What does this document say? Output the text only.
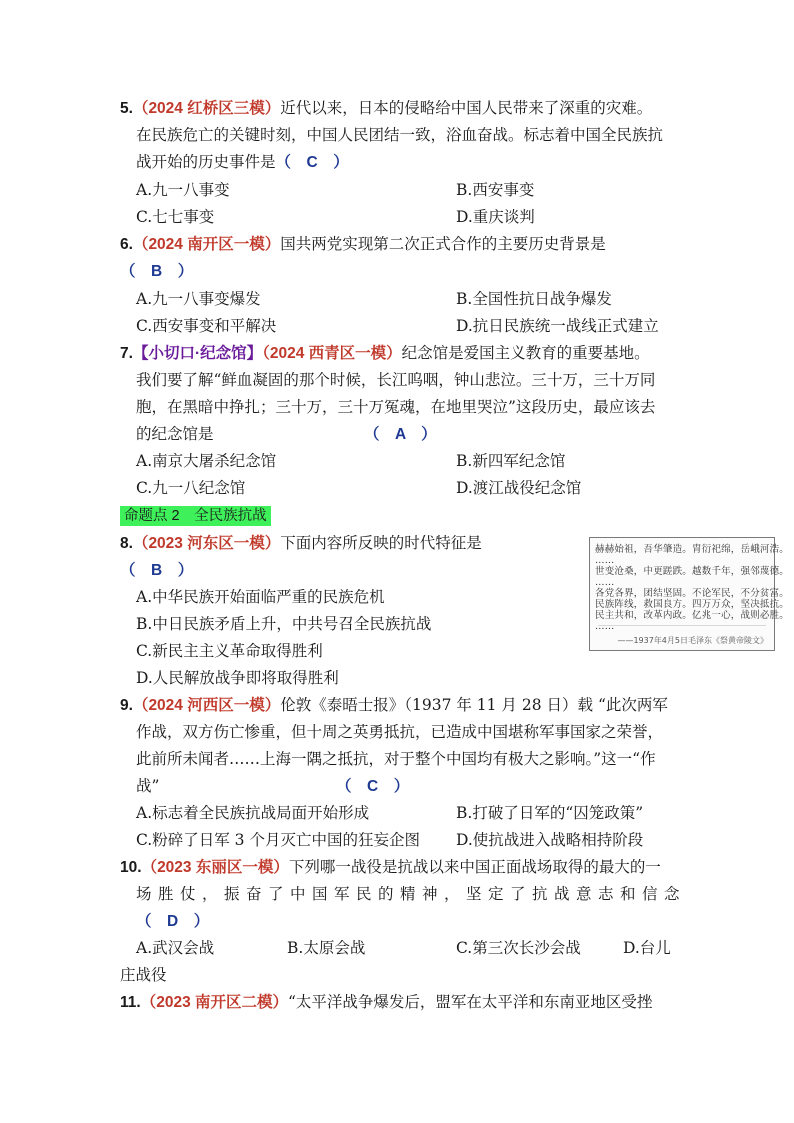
5.（2024 红桥区三模）近代以来，日本的侵略给中国人民带来了深重的灾难。
在民族危亡的关键时刻，中国人民团结一致，浴血奋战。标志着中国全民族抗
战开始的历史事件是（　C　）
A.九一八事变	B.西安事变
C.七七事变	D.重庆谈判
6.（2024 南开区一模）国共两党实现第二次正式合作的主要历史背景是
（　B　）
A.九一八事变爆发	B.全国性抗日战争爆发
C.西安事变和平解决	D.抗日民族统一战线正式建立
7.【小切口·纪念馆】（2024 西青区一模）纪念馆是爱国主义教育的重要基地。
我们要了解“鲜血凝固的那个时候，长江呜咽，钟山悲泣。三十万，三十万同
胞，在黑暗中挣扎；三十万，三十万冤魂，在地里哭泣”这段历史，最应该去
的纪念馆是	（　A　）
A.南京大屠杀纪念馆	B.新四军纪念馆
C.九一八纪念馆	D.渡江战役纪念馆
命题点 2　全民族抗战
8.（2023 河东区一模）下面内容所反映的时代特征是
（　B　）
A.中华民族开始面临严重的民族危机
B.中日民族矛盾上升，中共号召全民族抗战
C.新民主主义革命取得胜利
D.人民解放战争即将取得胜利
赫赫始祖，吾华肇造。胄衍祀绵，岳峨河浩。
……
世变沧桑，中更蹉跌。越数千年，强邻蔑德。
……
各党各界，团结坚固。不论军民，不分贫富。
民族阵线，救国良方。四万万众，坚决抵抗。
民主共和，改革内政。亿兆一心，战则必胜。
……
——1937年4月5日毛泽东《祭黄帝陵文》
9.（2024 河西区一模）伦敦《泰晤士报》（1937 年 11 月 28 日）载 “此次两军
作战，双方伤亡惨重，但十周之英勇抵抗，已造成中国堪称军事国家之荣誉，
此前所未闻者……上海一隅之抵抗，对于整个中国均有极大之影响。”这一“作
战”	（　C　）
A.标志着全民族抗战局面开始形成	B.打破了日军的“囚笼政策”
C.粉碎了日军 3 个月灭亡中国的狂妄企图 D.使抗战进入战略相持阶段
10.（2023 东丽区一模）下列哪一战役是抗战以来中国正面战场取得的最大的一
场胜仗，振奋了中国军民的精神，坚定了抗战意志和信念
（　D　）
A.武汉会战	B.太原会战	C.第三次长沙会战	D.台儿
庄战役
11.（2023 南开区二模）“太平洋战争爆发后，盟军在太平洋和东南亚地区受挫
